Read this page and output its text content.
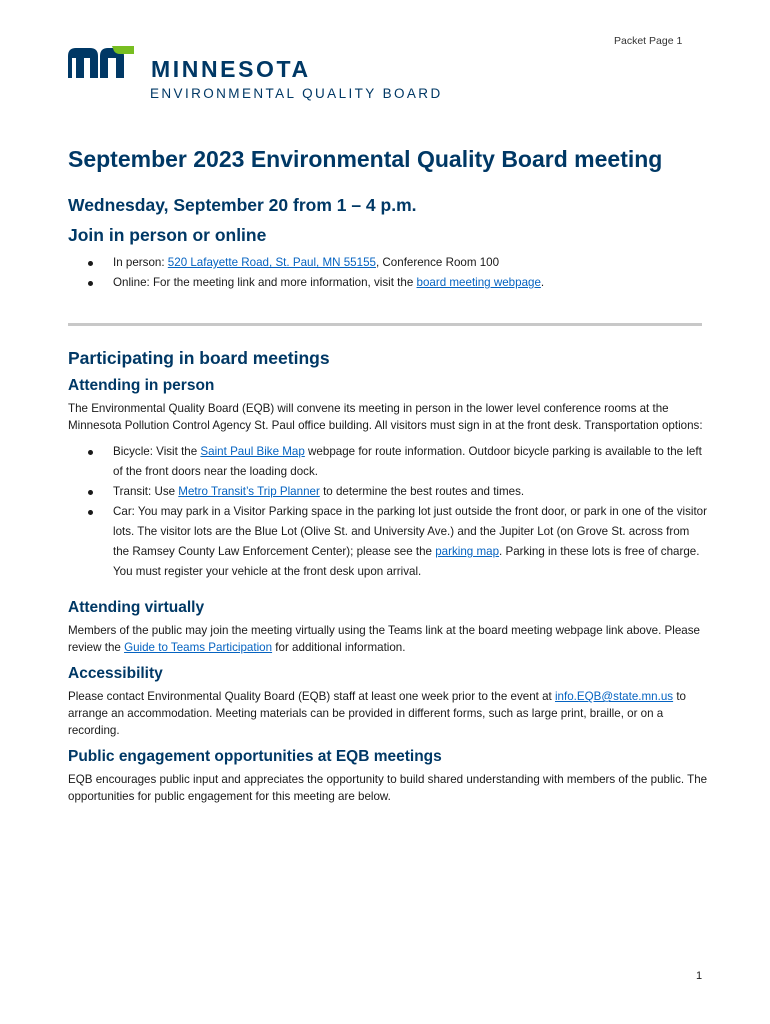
Packet Page 1
MINNESOTA
ENVIRONMENTAL QUALITY BOARD
September 2023 Environmental Quality Board meeting
Wednesday, September 20 from 1 – 4 p.m.
Join in person or online
In person: 520 Lafayette Road, St. Paul, MN 55155, Conference Room 100
Online: For the meeting link and more information, visit the board meeting webpage.
Participating in board meetings
Attending in person

The Environmental Quality Board (EQB) will convene its meeting in person in the lower level conference rooms at the Minnesota Pollution Control Agency St. Paul office building. All visitors must sign in at the front desk. Transportation options:

Bicycle: Visit the Saint Paul Bike Map webpage for route information. Outdoor bicycle parking is available to the left of the front doors near the loading dock.
Transit: Use Metro Transit’s Trip Planner to determine the best routes and times.
Car: You may park in a Visitor Parking space in the parking lot just outside the front door, or park in one of the visitor lots. The visitor lots are the Blue Lot (Olive St. and University Ave.) and the Jupiter Lot (on Grove St. across from the Ramsey County Law Enforcement Center); please see the parking map. Parking in these lots is free of charge. You must register your vehicle at the front desk upon arrival.
Attending virtually

Members of the public may join the meeting virtually using the Teams link at the board meeting webpage link above. Please review the Guide to Teams Participation for additional information.

Accessibility

Please contact Environmental Quality Board (EQB) staff at least one week prior to the event at info.EQB@state.mn.us to arrange an accommodation. Meeting materials can be provided in different forms, such as large print, braille, or on a recording.

Public engagement opportunities at EQB meetings

EQB encourages public input and appreciates the opportunity to build shared understanding with members of the public. The opportunities for public engagement for this meeting are below.

1
